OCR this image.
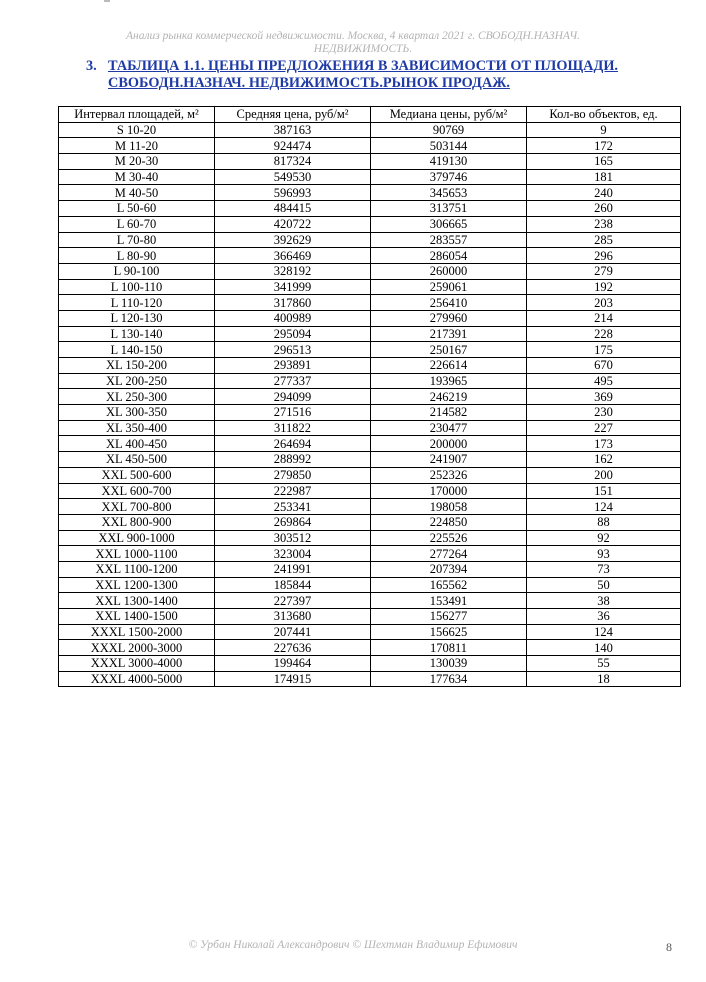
Анализ рынка коммерческой недвижимости. Москва, 4 квартал 2021 г. СВОБОДН.НАЗНАЧ.
НЕДВИЖИМОСТЬ.
3. ТАБЛИЦА 1.1. ЦЕНЫ ПРЕДЛОЖЕНИЯ В ЗАВИСИМОСТИ ОТ ПЛОЩАДИ.
СВОБОДН.НАЗНАЧ. НЕДВИЖИМОСТЬ.РЫНОК ПРОДАЖ.
Интервал площадей, м²	Средняя цена, руб/м²	Медиана цены, руб/м²	Кол-во объектов, ед.
S 10-20	387163	90769	9
M 11-20	924474	503144	172
M 20-30	817324	419130	165
M 30-40	549530	379746	181
M 40-50	596993	345653	240
L 50-60	484415	313751	260
L 60-70	420722	306665	238
L 70-80	392629	283557	285
L 80-90	366469	286054	296
L 90-100	328192	260000	279
L 100-110	341999	259061	192
L 110-120	317860	256410	203
L 120-130	400989	279960	214
L 130-140	295094	217391	228
L 140-150	296513	250167	175
XL 150-200	293891	226614	670
XL 200-250	277337	193965	495
XL 250-300	294099	246219	369
XL 300-350	271516	214582	230
XL 350-400	311822	230477	227
XL 400-450	264694	200000	173
XL 450-500	288992	241907	162
XXL 500-600	279850	252326	200
XXL 600-700	222987	170000	151
XXL 700-800	253341	198058	124
XXL 800-900	269864	224850	88
XXL 900-1000	303512	225526	92
XXL 1000-1100	323004	277264	93
XXL 1100-1200	241991	207394	73
XXL 1200-1300	185844	165562	50
XXL 1300-1400	227397	153491	38
XXL 1400-1500	313680	156277	36
XXXL 1500-2000	207441	156625	124
XXXL 2000-3000	227636	170811	140
XXXL 3000-4000	199464	130039	55
XXXL 4000-5000	174915	177634	18
© Урбан Николай Александрович © Шехтман Владимир Ефимович	8
